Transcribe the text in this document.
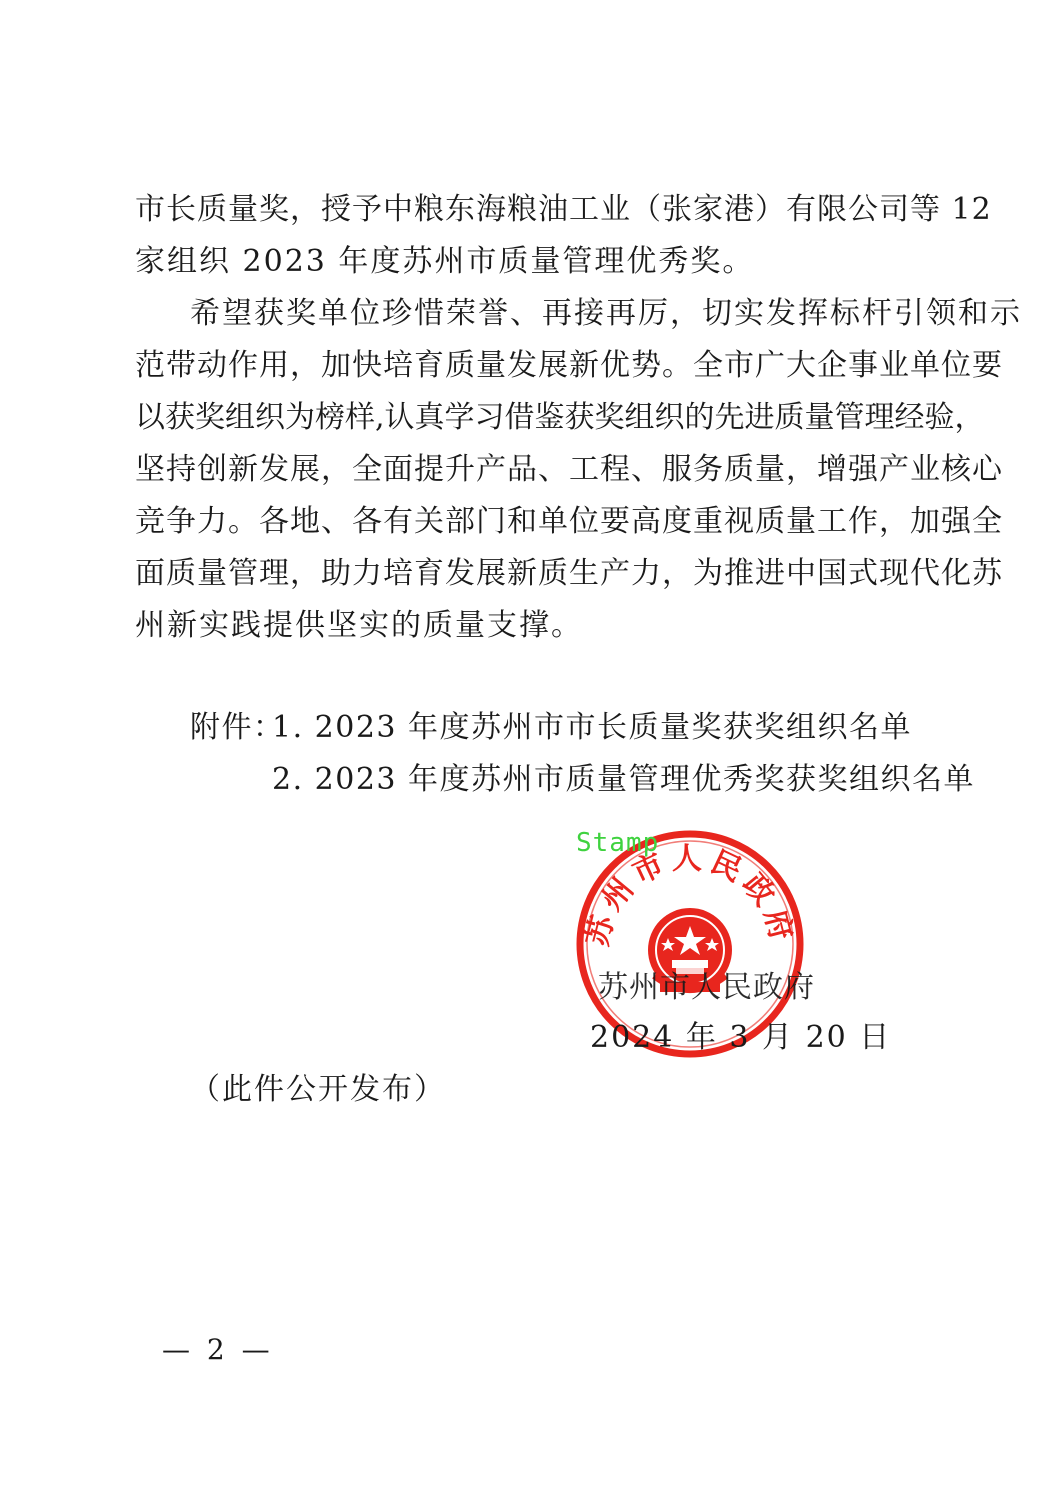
市长质量奖，授予中粮东海粮油工业（张家港）有限公司等 12
家组织 2023 年度苏州市质量管理优秀奖。
希望获奖单位珍惜荣誉、再接再厉，切实发挥标杆引领和示
范带动作用，加快培育质量发展新优势。全市广大企事业单位要
以获奖组织为榜样,认真学习借鉴获奖组织的先进质量管理经验，
坚持创新发展，全面提升产品、工程、服务质量，增强产业核心
竞争力。各地、各有关部门和单位要高度重视质量工作，加强全
面质量管理，助力培育发展新质生产力，为推进中国式现代化苏
州新实践提供坚实的质量支撑。
附件：
1. 2023 年度苏州市市长质量奖获奖组织名单
2. 2023 年度苏州市质量管理优秀奖获奖组织名单
苏州市人民政府
Stamp
苏州市人民政府
2024 年 3 月 20 日
（此件公开发布）
— 2 —
